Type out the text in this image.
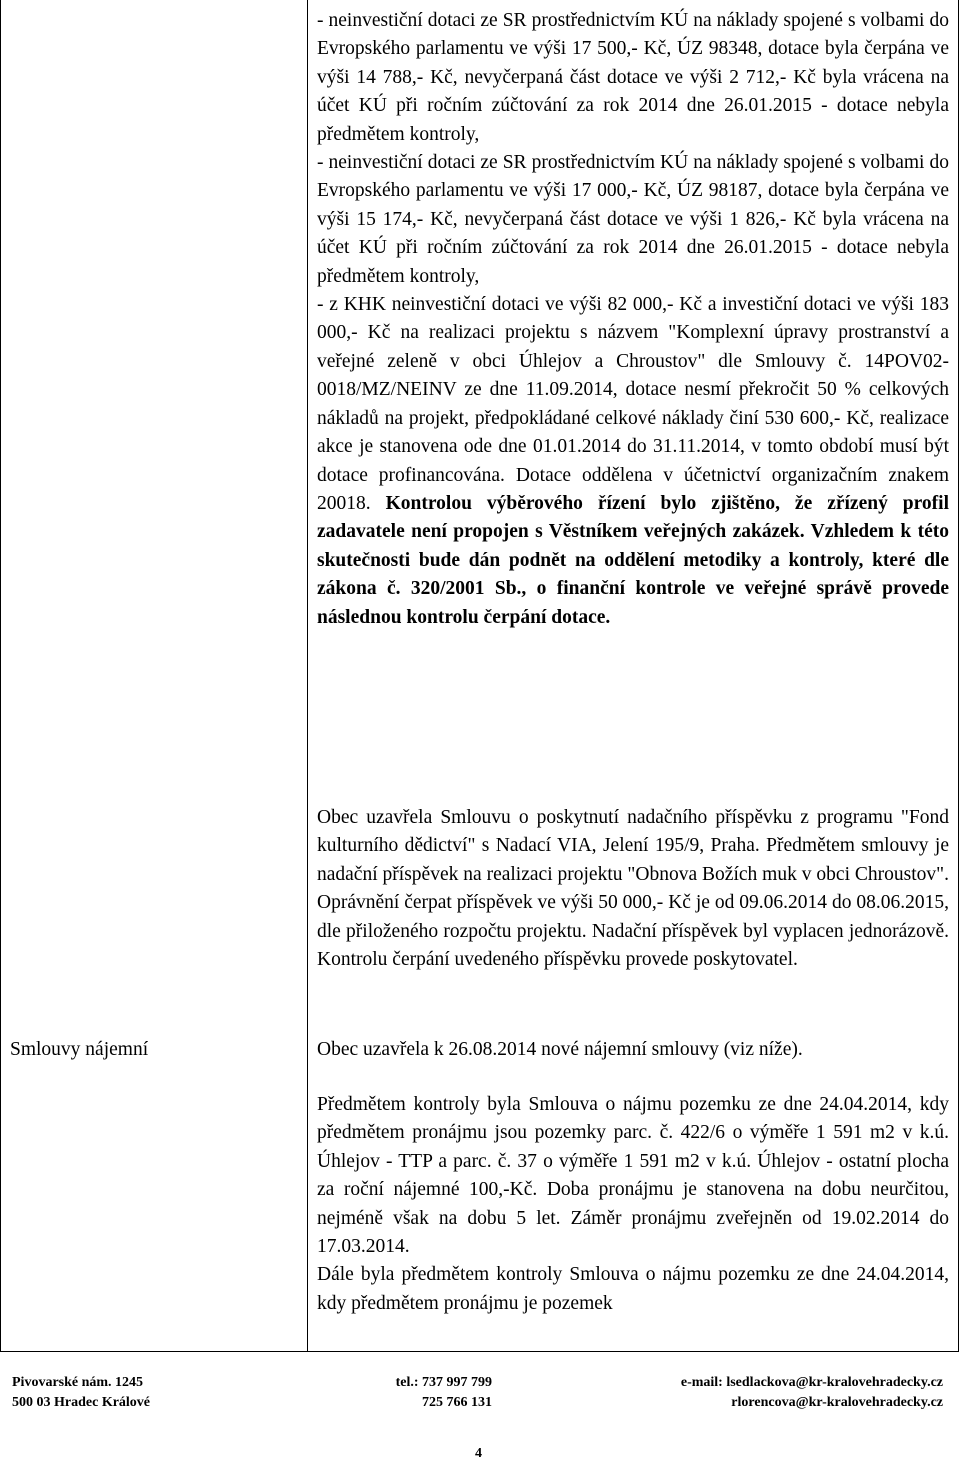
Smlouvy nájemní

- neinvestiční dotaci ze SR prostřednictvím KÚ na náklady spojené s volbami do Evropského parlamentu ve výši 17 500,- Kč, ÚZ 98348, dotace byla čerpána ve výši 14 788,- Kč, nevyčerpaná část dotace ve výši 2 712,- Kč byla vrácena na účet KÚ při ročním zúčtování za rok 2014 dne 26.01.2015 - dotace nebyla předmětem kontroly,

- neinvestiční dotaci ze SR prostřednictvím KÚ na náklady spojené s volbami do Evropského parlamentu ve výši 17 000,- Kč, ÚZ 98187, dotace byla čerpána ve výši 15 174,- Kč, nevyčerpaná část dotace ve výši 1 826,- Kč byla vrácena na účet KÚ při ročním zúčtování za rok 2014 dne 26.01.2015 - dotace nebyla předmětem kontroly,

- z KHK neinvestiční dotaci ve výši 82 000,- Kč a investiční dotaci ve výši 183 000,- Kč na realizaci projektu s názvem "Komplexní úpravy prostranství a veřejné zeleně v obci Úhlejov a Chroustov" dle Smlouvy č. 14POV02-0018/MZ/NEINV ze dne 11.09.2014, dotace nesmí překročit 50 % celkových nákladů na projekt, předpokládané celkové náklady činí 530 600,- Kč, realizace akce je stanovena ode dne 01.01.2014 do 31.11.2014, v tomto období musí být dotace profinancována. Dotace oddělena v účetnictví organizačním znakem 20018. Kontrolou výběrového řízení bylo zjištěno, že zřízený profil zadavatele není propojen s Věstníkem veřejných zakázek. Vzhledem k této skutečnosti bude dán podnět na oddělení metodiky a kontroly, které dle zákona č. 320/2001 Sb., o finanční kontrole ve veřejné správě provede následnou kontrolu čerpání dotace.

Obec uzavřela Smlouvu o poskytnutí nadačního příspěvku z programu "Fond kulturního dědictví" s Nadací VIA, Jelení 195/9, Praha. Předmětem smlouvy je nadační příspěvek na realizaci projektu "Obnova Božích muk v obci Chroustov". Oprávnění čerpat příspěvek ve výši 50 000,- Kč je od 09.06.2014 do 08.06.2015, dle přiloženého rozpočtu projektu. Nadační příspěvek byl vyplacen jednorázově. Kontrolu čerpání uvedeného příspěvku provede poskytovatel.

Obec uzavřela k 26.08.2014 nové nájemní smlouvy (viz níže).

Předmětem kontroly byla Smlouva o nájmu pozemku ze dne 24.04.2014, kdy předmětem pronájmu jsou pozemky parc. č. 422/6 o výměře 1 591 m2 v k.ú. Úhlejov - TTP a parc. č. 37 o výměře 1 591 m2 v k.ú. Úhlejov - ostatní plocha za roční nájemné 100,-Kč. Doba pronájmu je stanovena na dobu neurčitou, nejméně však na dobu 5 let. Záměr pronájmu zveřejněn od 19.02.2014 do 17.03.2014.

Dále byla předmětem kontroly Smlouva o nájmu pozemku ze dne 24.04.2014, kdy předmětem pronájmu je pozemek

Pivovarské nám. 1245
500 03 Hradec Králové
tel.: 737 997 799
725 766 131
e-mail: lsedlackova@kr-kralovehradecky.cz
rlorencova@kr-kralovehradecky.cz
4
